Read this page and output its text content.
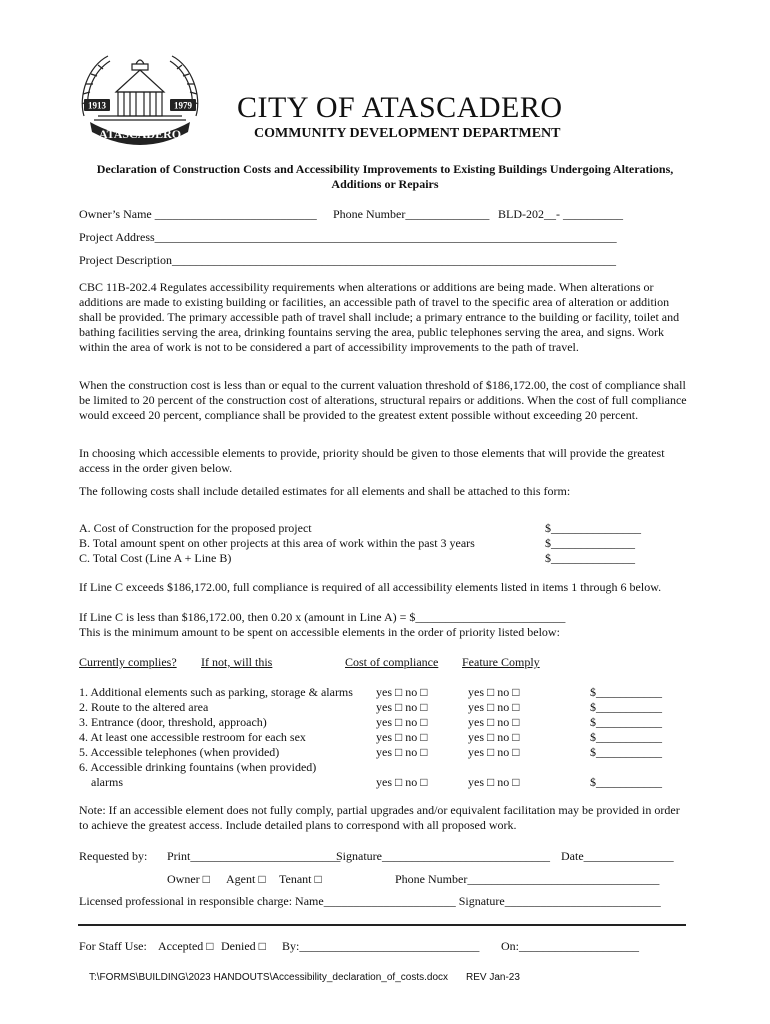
1913	1979
ATASCADERO
CITY OF ATASCADERO
COMMUNITY DEVELOPMENT DEPARTMENT
Declaration of Construction Costs and Accessibility Improvements to Existing Buildings Undergoing Alterations,
Additions or Repairs
Owner’s Name ___________________________ Phone Number______________ BLD-202__- __________
Project Address_____________________________________________________________________________
Project Description__________________________________________________________________________
CBC 11B-202.4 Regulates accessibility requirements when alterations or additions are being made. When alterations or additions are made to existing building or facilities, an accessible path of travel to the specific area of alteration or addition shall be provided. The primary accessible path of travel shall include; a primary entrance to the building or facility, toilet and bathing facilities serving the area, drinking fountains serving the area, public telephones serving the area, and signs. Work within the area of work is not to be considered a part of accessibility improvements to the path of travel.
When the construction cost is less than or equal to the current valuation threshold of $186,172.00, the cost of compliance shall be limited to 20 percent of the construction cost of alterations, structural repairs or additions. When the cost of full compliance would exceed 20 percent, compliance shall be provided to the greatest extent possible without exceeding 20 percent.
In choosing which accessible elements to provide, priority should be given to those elements that will provide the greatest access in the order given below.
The following costs shall include detailed estimates for all elements and shall be attached to this form:
A. Cost of Construction for the proposed project	$_______________
B. Total amount spent on other projects at this area of work within the past 3 years	$______________
C. Total Cost (Line A + Line B)	$______________
If Line C exceeds $186,172.00, full compliance is required of all accessibility elements listed in items 1 through 6 below.
If Line C is less than $186,172.00, then 0.20 x (amount in Line A) = $_________________________
This is the minimum amount to be spent on accessible elements in the order of priority listed below:
Currently complies? If not, will this	Cost of compliance Feature Comply
1. Additional elements such as parking, storage & alarms yes □ no □	yes □ no □	$___________
2. Route to the altered area	yes □ no □	yes □ no □	$___________
3. Entrance (door, threshold, approach)	yes □ no □	yes □ no □	$___________
4. At least one accessible restroom for each sex	yes □ no □	yes □ no □	$___________
5. Accessible telephones (when provided)	yes □ no □	yes □ no □	$___________
6. Accessible drinking fountains (when provided)
alarms	yes □ no □	yes □ no □	$___________
Note: If an accessible element does not fully comply, partial upgrades and/or equivalent facilitation may be provided in order to achieve the greatest access. Include detailed plans to correspond with all proposed work.
Requested by: Print_________________________
Signature____________________________ Date_______________
Owner □ Agent □ Tenant □	Phone Number________________________________
Licensed professional in responsible charge: Name______________________ Signature__________________________
For Staff Use: Accepted □ Denied □ By:______________________________ On:____________________
T:\FORMS\BUILDING\2023 HANDOUTS\Accessibility_declaration_of_costs.docx REV Jan-23
